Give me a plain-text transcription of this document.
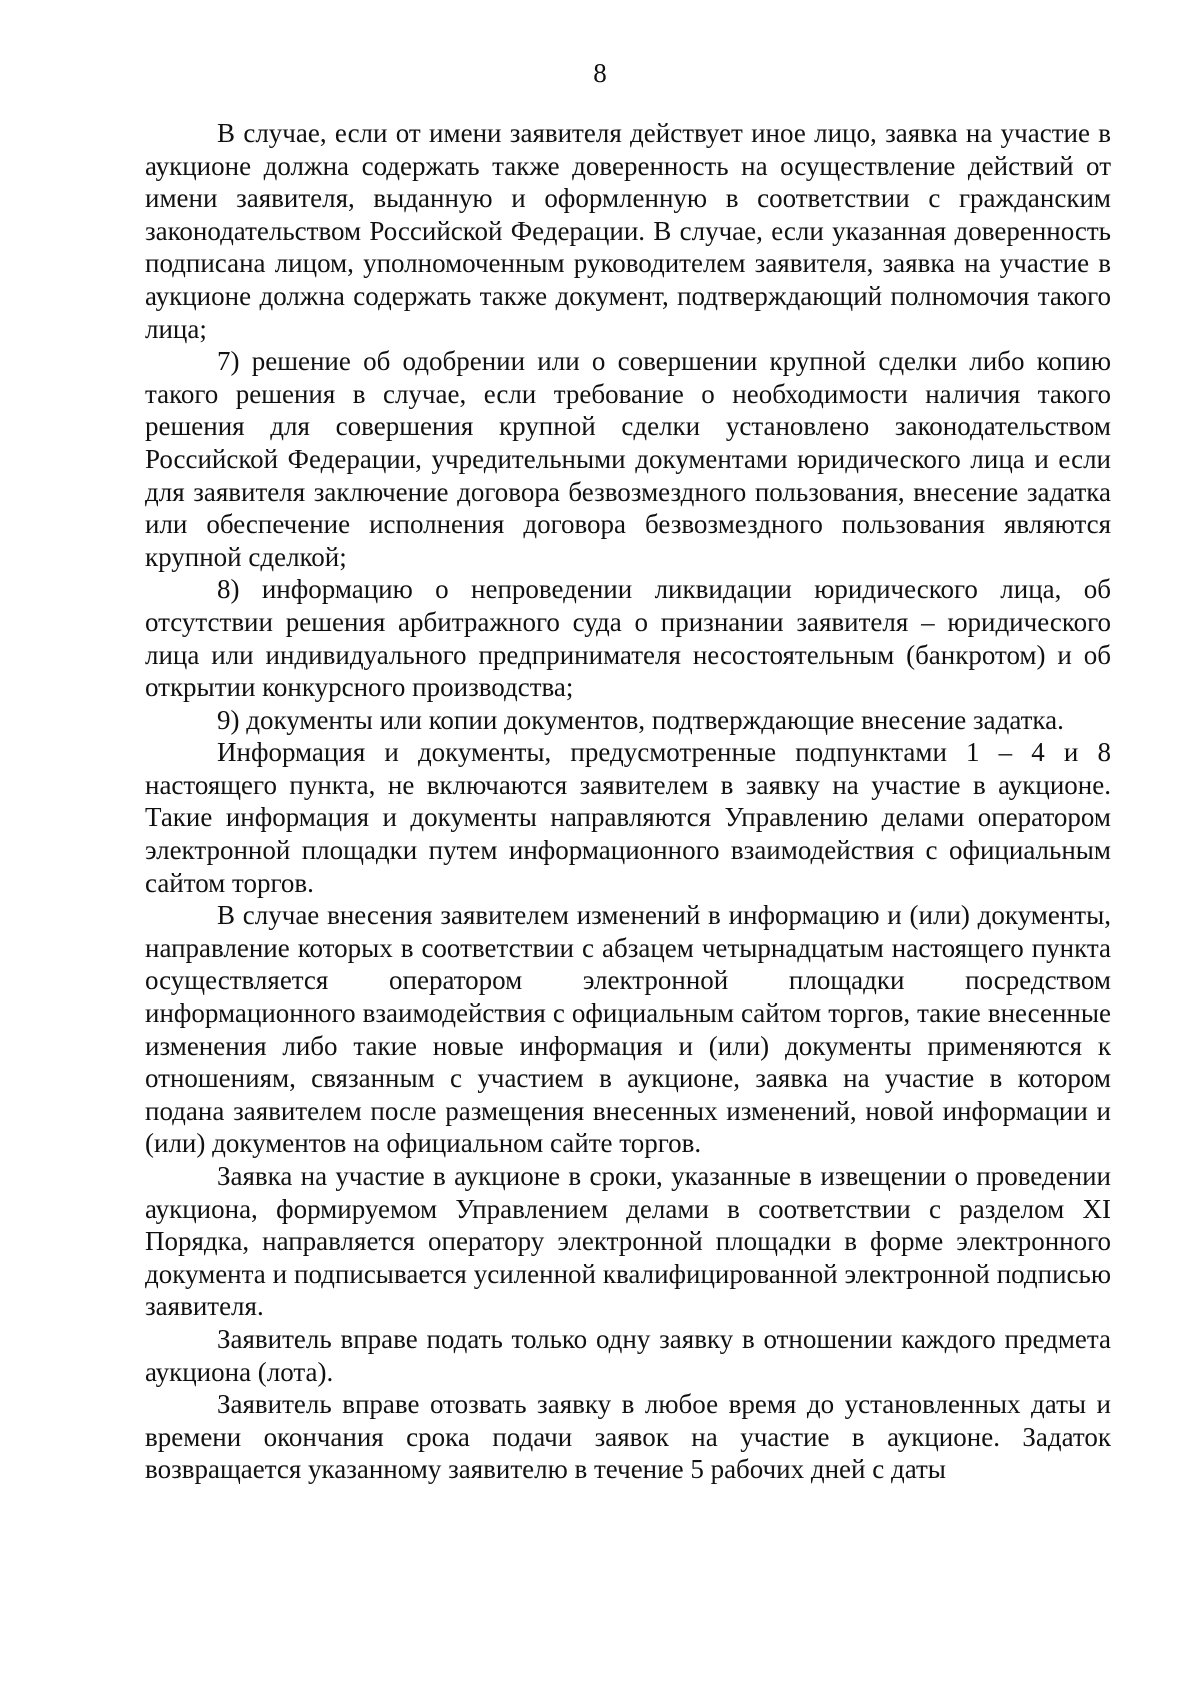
8

В случае, если от имени заявителя действует иное лицо, заявка на участие в аукционе должна содержать также доверенность на осуществление действий от имени заявителя, выданную и оформленную в соответствии с гражданским законодательством Российской Федерации. В случае, если указанная доверенность подписана лицом, уполномоченным руководителем заявителя, заявка на участие в аукционе должна содержать также документ, подтверждающий полномочия такого лица;

7) решение об одобрении или о совершении крупной сделки либо копию такого решения в случае, если требование о необходимости наличия такого решения для совершения крупной сделки установлено законодательством Российской Федерации, учредительными документами юридического лица и если для заявителя заключение договора безвозмездного пользования, внесение задатка или обеспечение исполнения договора безвозмездного пользования являются крупной сделкой;

8) информацию о непроведении ликвидации юридического лица, об отсутствии решения арбитражного суда о признании заявителя – юридического лица или индивидуального предпринимателя несостоятельным (банкротом) и об открытии конкурсного производства;

9) документы или копии документов, подтверждающие внесение задатка.

Информация и документы, предусмотренные подпунктами 1 – 4 и 8 настоящего пункта, не включаются заявителем в заявку на участие в аукционе. Такие информация и документы направляются Управлению делами оператором электронной площадки путем информационного взаимодействия с официальным сайтом торгов.

В случае внесения заявителем изменений в информацию и (или) документы, направление которых в соответствии с абзацем четырнадцатым настоящего пункта осуществляется оператором электронной площадки посредством информационного взаимодействия с официальным сайтом торгов, такие внесенные изменения либо такие новые информация и (или) документы применяются к отношениям, связанным с участием в аукционе, заявка на участие в котором подана заявителем после размещения внесенных изменений, новой информации и (или) документов на официальном сайте торгов.

Заявка на участие в аукционе в сроки, указанные в извещении о проведении аукциона, формируемом Управлением делами в соответствии с разделом XI Порядка, направляется оператору электронной площадки в форме электронного документа и подписывается усиленной квалифицированной электронной подписью заявителя.

Заявитель вправе подать только одну заявку в отношении каждого предмета аукциона (лота).

Заявитель вправе отозвать заявку в любое время до установленных даты и времени окончания срока подачи заявок на участие в аукционе. Задаток возвращается указанному заявителю в течение 5 рабочих дней с даты
